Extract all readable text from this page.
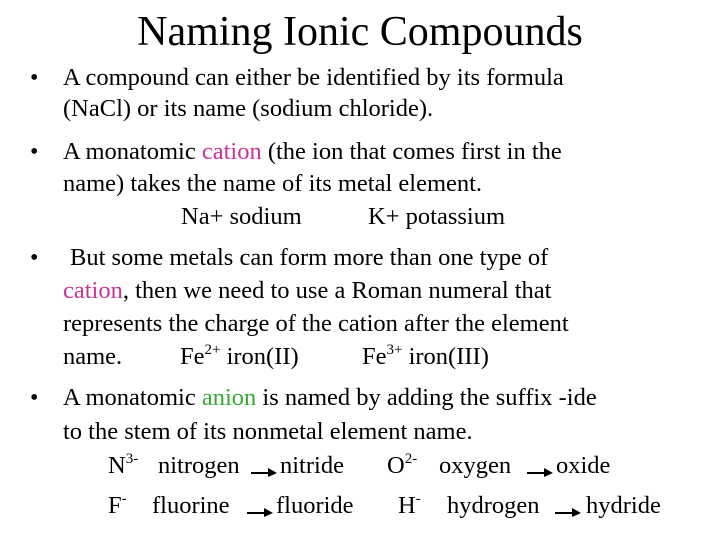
Naming Ionic Compounds
• A compound can either be identified by its formula
(NaCl) or its name (sodium chloride).
• A monatomic cation (the ion that comes first in the
name) takes the name of its metal element.
Na+ sodium	K+ potassium
• But some metals can form more than one type of
cation, then we need to use a Roman numeral that
represents the charge of the cation after the element
name. $Fe^{2+}$ iron(II)	$Fe^{3+}$ iron(III)
• A monatomic anion is named by adding the suffix -ide
to the stem of its nonmetal element name.
$N^{3-}$ nitrogen nitride $O^{2-}$ oxygen oxide
F- fluorine fluoride H- hydrogen hydride
